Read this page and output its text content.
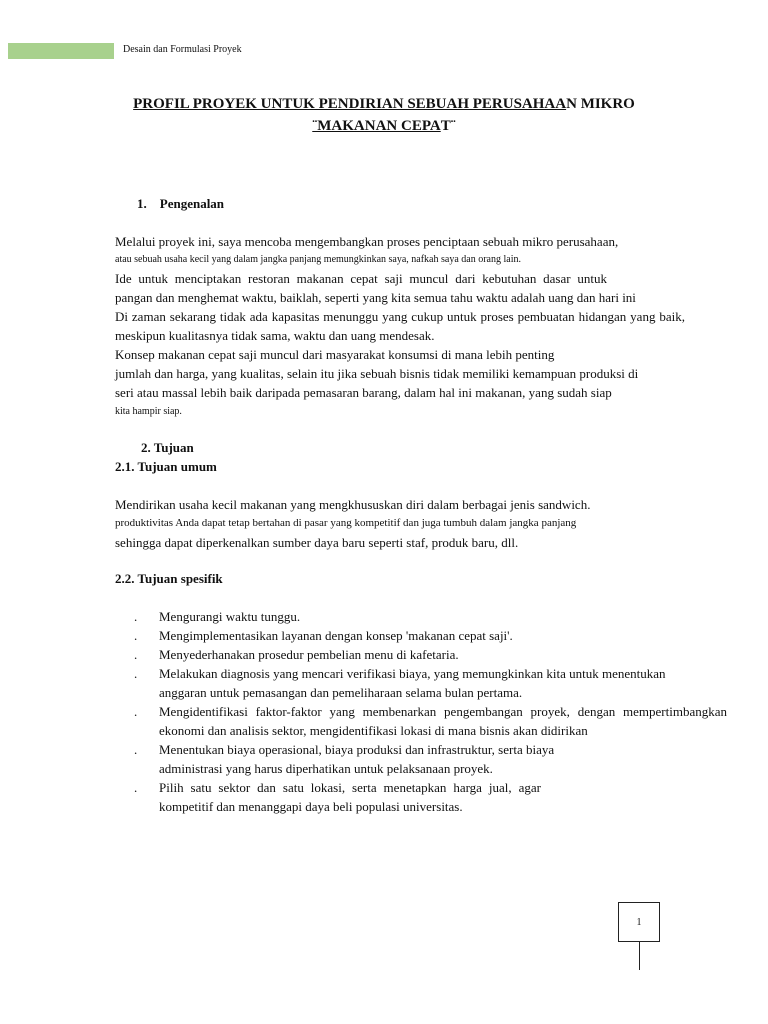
Desain dan Formulasi Proyek
PROFIL PROYEK UNTUK PENDIRIAN SEBUAH PERUSAHAAN MIKRO
¨MAKANAN CEPAT¨
1.    Pengenalan
Melalui proyek ini, saya mencoba mengembangkan proses penciptaan sebuah mikro perusahaan,
atau sebuah usaha kecil yang dalam jangka panjang memungkinkan saya, nafkah saya dan orang lain.
Ide untuk menciptakan restoran makanan cepat saji muncul dari kebutuhan dasar untuk
pangan dan menghemat waktu, baiklah, seperti yang kita semua tahu waktu adalah uang dan hari ini
Di zaman sekarang tidak ada kapasitas menunggu yang cukup untuk proses pembuatan hidangan yang baik,
meskipun kualitasnya tidak sama, waktu dan uang mendesak.
Konsep makanan cepat saji muncul dari masyarakat konsumsi di mana lebih penting
jumlah dan harga, yang kualitas, selain itu jika sebuah bisnis tidak memiliki kemampuan produksi di
seri atau massal lebih baik daripada pemasaran barang, dalam hal ini makanan, yang sudah siap
kita hampir siap.
2. Tujuan
2.1. Tujuan umum
Mendirikan usaha kecil makanan yang mengkhususkan diri dalam berbagai jenis sandwich.
produktivitas Anda dapat tetap bertahan di pasar yang kompetitif dan juga tumbuh dalam jangka panjang
sehingga dapat diperkenalkan sumber daya baru seperti staf, produk baru, dll.
2.2. Tujuan spesifik
. Mengurangi waktu tunggu.
. Mengimplementasikan layanan dengan konsep 'makanan cepat saji'.
. Menyederhanakan prosedur pembelian menu di kafetaria.
. Melakukan diagnosis yang mencari verifikasi biaya, yang memungkinkan kita untuk menentukan
anggaran untuk pemasangan dan pemeliharaan selama bulan pertama.
. Mengidentifikasi faktor-faktor yang membenarkan pengembangan proyek, dengan mempertimbangkan
ekonomi dan analisis sektor, mengidentifikasi lokasi di mana bisnis akan didirikan
. Menentukan biaya operasional, biaya produksi dan infrastruktur, serta biaya
administrasi yang harus diperhatikan untuk pelaksanaan proyek.
. Pilih satu sektor dan satu lokasi, serta menetapkan harga jual, agar
kompetitif dan menanggapi daya beli populasi universitas.
1
